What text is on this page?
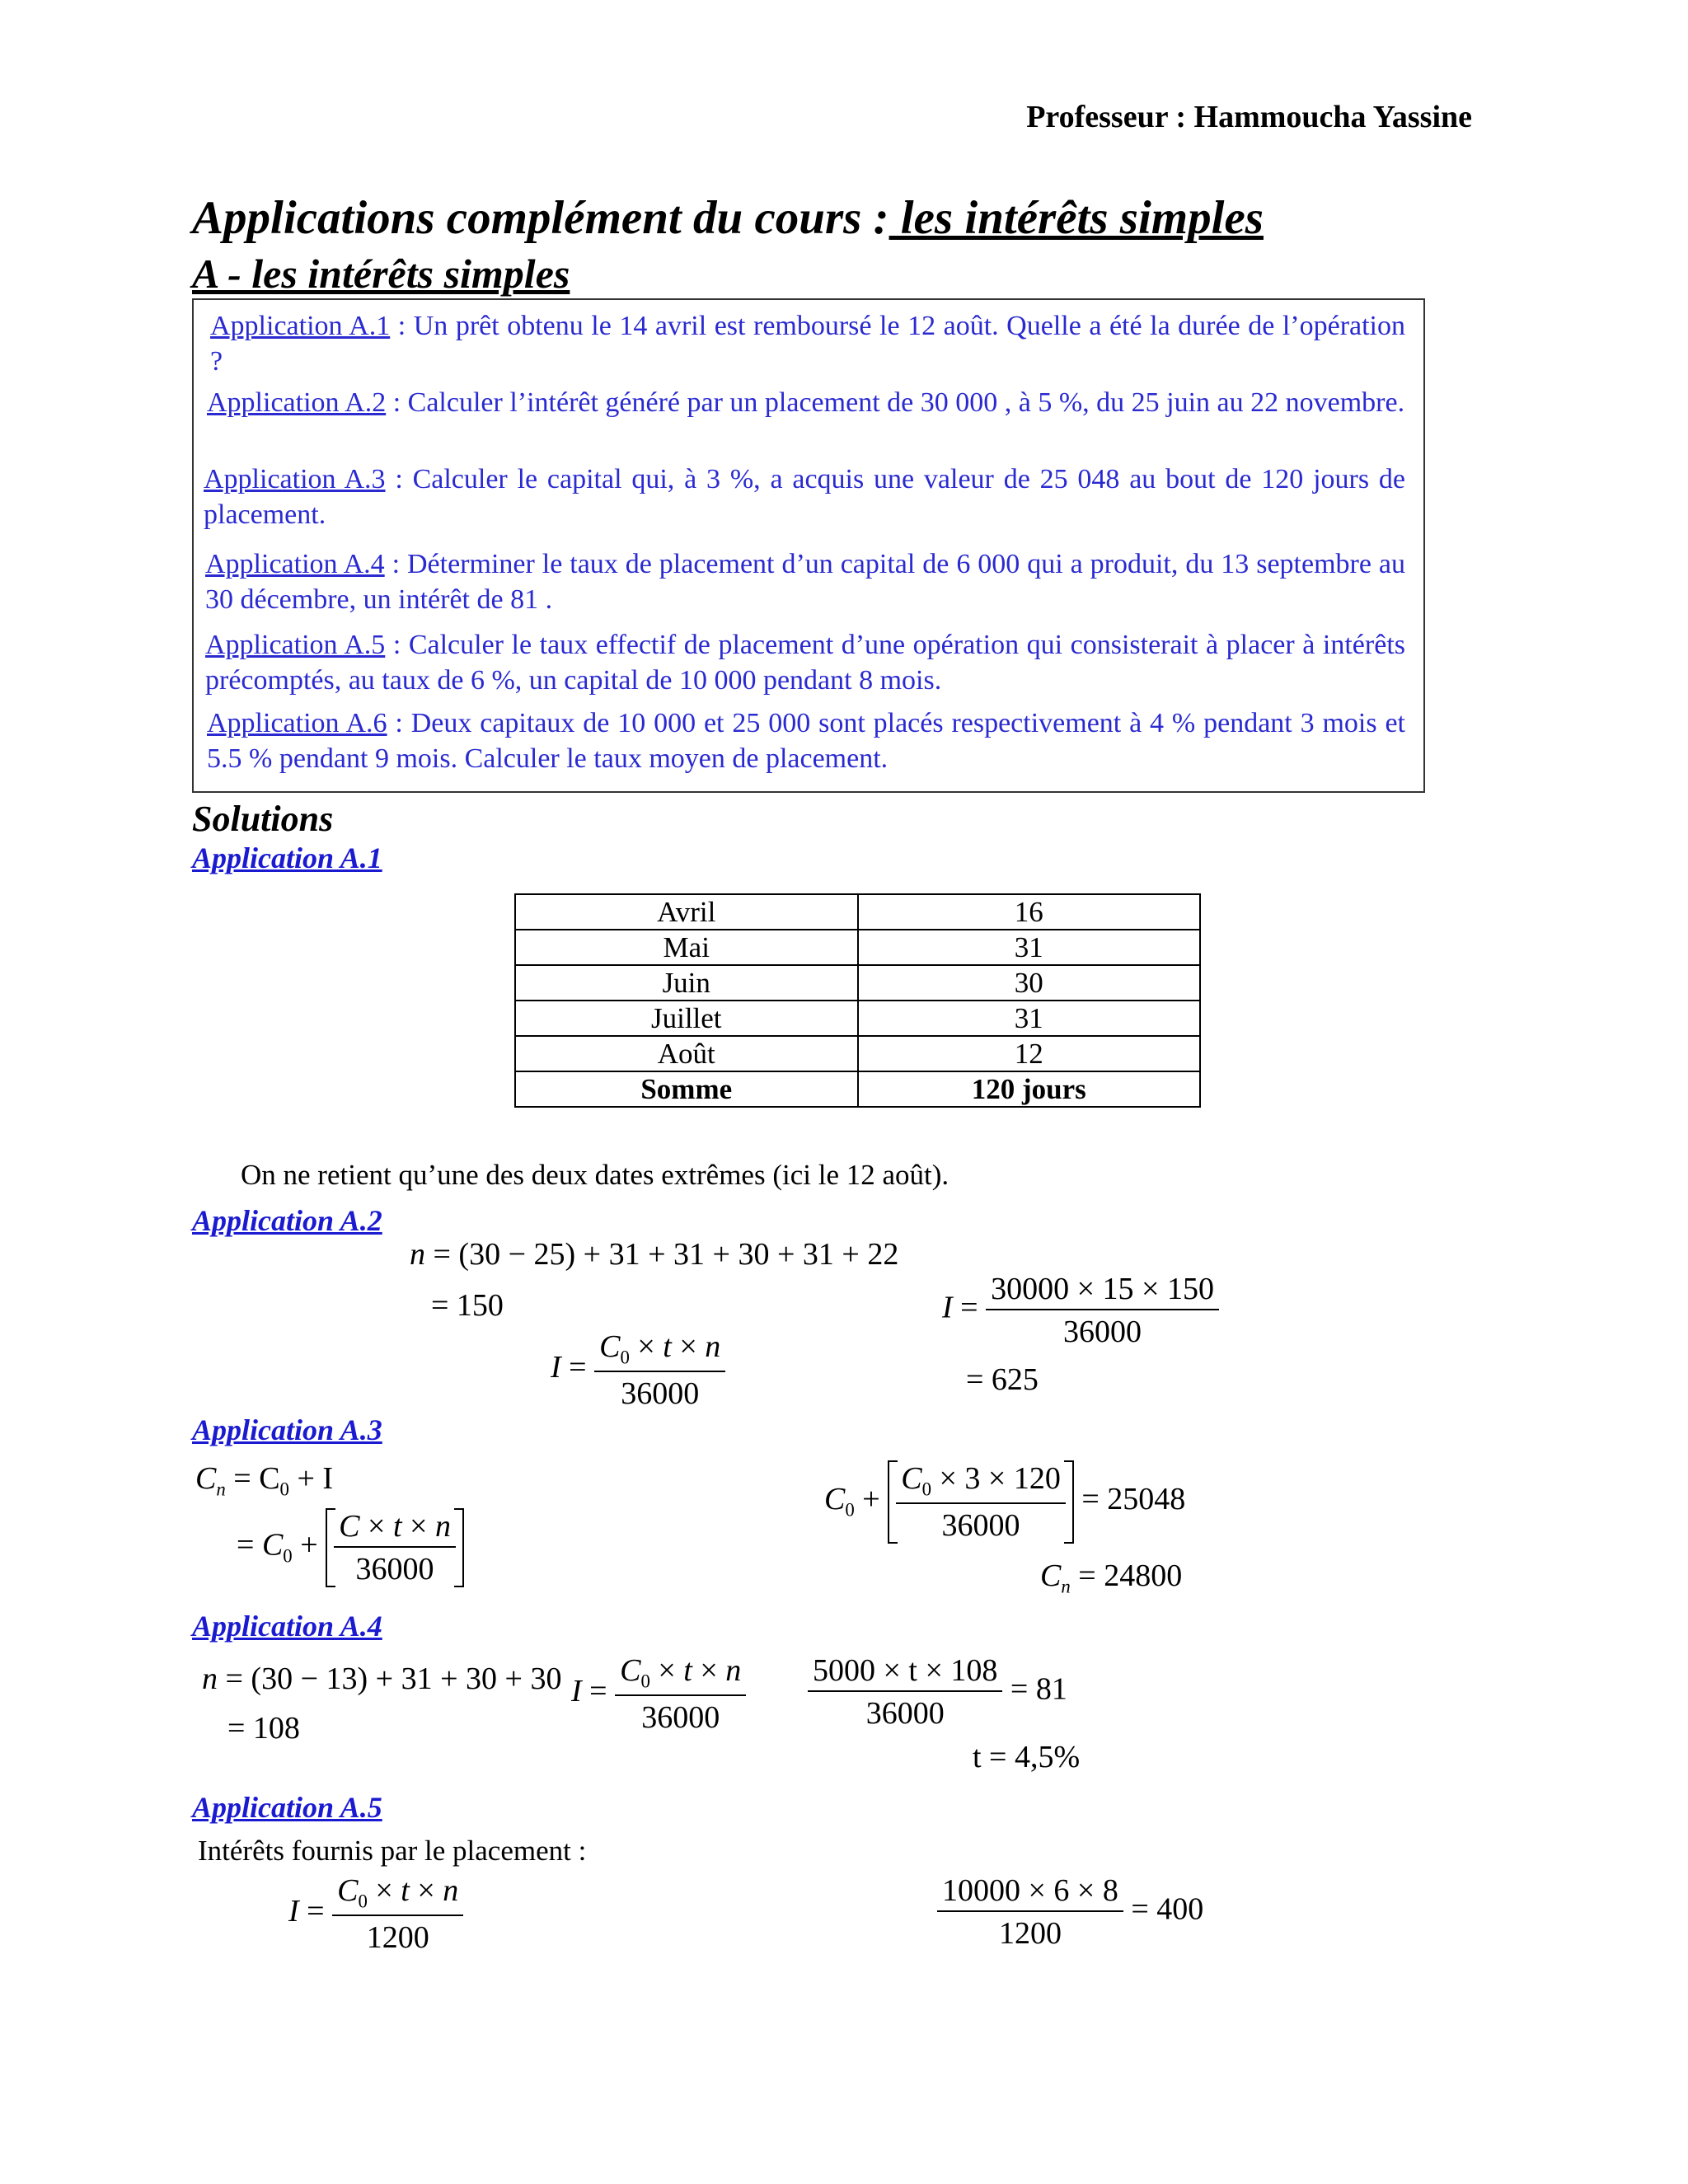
Professeur : Hammoucha Yassine
Applications complément du cours : les intérêts simples
A - les intérêts simples
Application A.1 : Un prêt obtenu le 14 avril est remboursé le 12 août. Quelle a été la durée de l’opération ?
Application A.2 : Calculer l’intérêt généré par un placement de 30 000 , à 5 %, du 25 juin au 22 novembre.
Application A.3 : Calculer le capital qui, à 3 %, a acquis une valeur de 25 048 au bout de 120 jours de placement.
Application A.4 : Déterminer le taux de placement d’un capital de 6 000 qui a produit, du 13 septembre au 30 décembre, un intérêt de 81 .
Application A.5 : Calculer le taux effectif de placement d’une opération qui consisterait à placer à intérêts précomptés, au taux de 6 %, un capital de 10 000 pendant 8 mois.
Application A.6 : Deux capitaux de 10 000 et 25 000 sont placés respectivement à 4 % pendant 3 mois et 5.5 % pendant 9 mois. Calculer le taux moyen de placement.
Solutions
Application A.1
Avril	16
Mai	31
Juin	30
Juillet	31
Août	12
Somme	120 jours
On ne retient qu’une des deux dates extrêmes (ici le 12 août).
Application A.2
n = (30 − 25) + 31 + 31 + 30 + 31 + 22
= 150
$I = \frac{C_0 \times t \times n}{36000}$
$I = \frac{30000 \times 15 \times 150}{36000}$
= 625
Application A.3
$C_n = C_0 + I$
= $C_0 + \frac{C \times t \times n}{36000}$
$C_0 + \frac{C_0 \times 3 \times 120}{36000} = 25048$
$C_n = 24800$
Application A.4
n = (30 − 13) + 31 + 30 + 30
= 108
$I = \frac{C_0 \times t \times n}{36000} \frac{5000 \times t \times 108}{36000} = 81$
t = 4,5%
Application A.5
Intérêts fournis par le placement :
$I = \frac{C_0 \times t \times n}{1200}$	$\frac{10000 \times 6 \times 8}{1200} = 400$
